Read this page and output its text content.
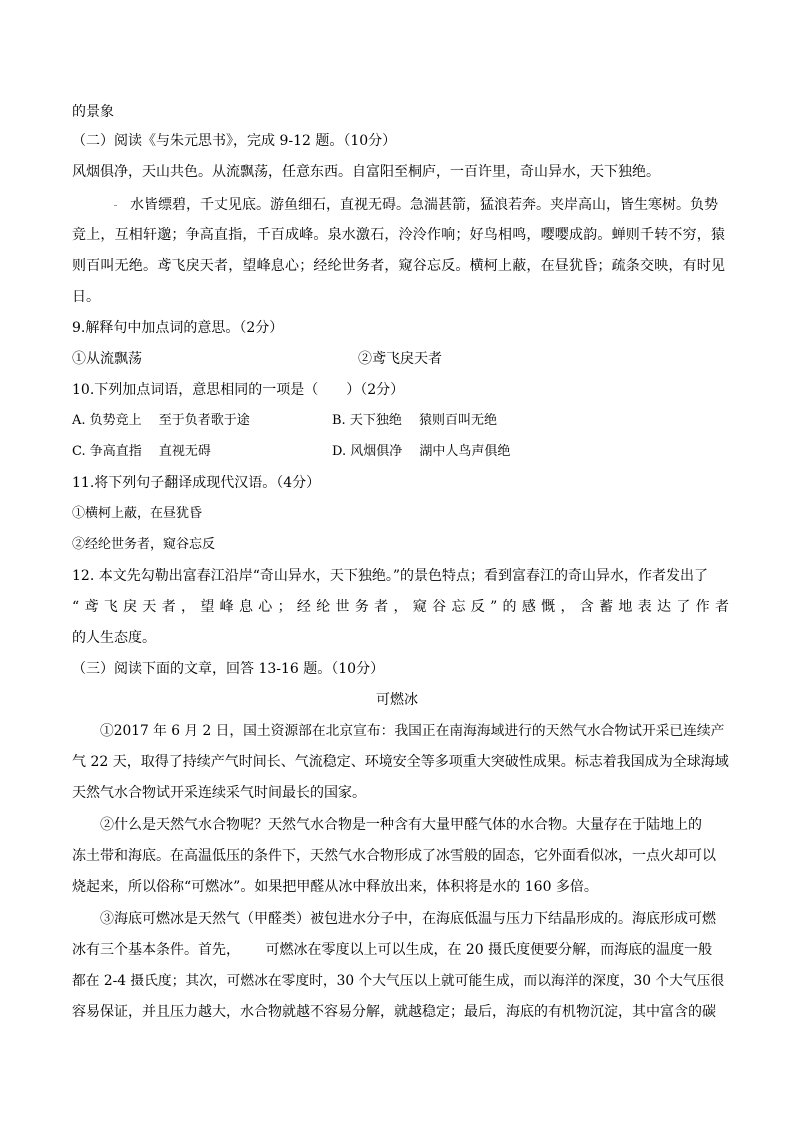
的景象
（二）阅读《与朱元思书》，完成 9-12 题。（10分）
风烟俱净，天山共色。从流飘荡，任意东西。自富阳至桐庐，一百许里，奇山异水，天下独绝。
水皆缥碧，千丈见底。游鱼细石，直视无碍。急湍甚箭，猛浪若奔。夹岸高山，皆生寒树。负势
竞上，互相轩邈；争高直指，千百成峰。泉水激石，泠泠作响；好鸟相鸣，嘤嘤成韵。蝉则千转不穷，猿
则百叫无绝。鸢飞戾天者，望峰息心；经纶世务者，窥谷忘反。横柯上蔽，在昼犹昏；疏条交映，有时见
日。
9.解释句中加点词的意思。（2分）
①从流飘荡	②鸢飞戾天者
10.下列加点词语，意思相同的一项是（　　）（2分）
A. 负势竞上　 至于负者歌于途	B. 天下独绝　 猿则百叫无绝
C. 争高直指　 直视无碍	D. 风烟俱净　 湖中人鸟声俱绝
11.将下列句子翻译成现代汉语。（4分）
①横柯上蔽，在昼犹昏
②经纶世务者，窥谷忘反
12. 本文先勾勒出富春江沿岸“奇山异水，天下独绝。”的景色特点；看到富春江的奇山异水，作者发出了
“鸢飞戾天者，望峰息心；经纶世务者，窥谷忘反”的感慨，含蓄地表达了作者
的人生态度。
（三）阅读下面的文章，回答 13-16 题。（10分）
可燃冰
①2017 年 6 月 2 日，国土资源部在北京宣布：我国正在南海海域进行的天然气水合物试开采已连续产
气 22 天，取得了持续产气时间长、气流稳定、环境安全等多项重大突破性成果。标志着我国成为全球海域
天然气水合物试开采连续采气时间最长的国家。
②什么是天然气水合物呢？天然气水合物是一种含有大量甲醛气体的水合物。大量存在于陆地上的
冻土带和海底。在高温低压的条件下，天然气水合物形成了冰雪般的固态，它外面看似冰，一点火却可以
烧起来，所以俗称“可燃冰”。如果把甲醛从冰中释放出来，体积将是水的 160 多倍。
③海底可燃冰是天然气（甲醛类）被包进水分子中，在海底低温与压力下结晶形成的。海底形成可燃
冰有三个基本条件。首先，　　 可燃冰在零度以上可以生成，在 20 摄氏度便要分解，而海底的温度一般
都在 2-4 摄氏度；其次，可燃冰在零度时，30 个大气压以上就可能生成，而以海洋的深度，30 个大气压很
容易保证，并且压力越大，水合物就越不容易分解，就越稳定；最后，海底的有机物沉淀，其中富含的碳
